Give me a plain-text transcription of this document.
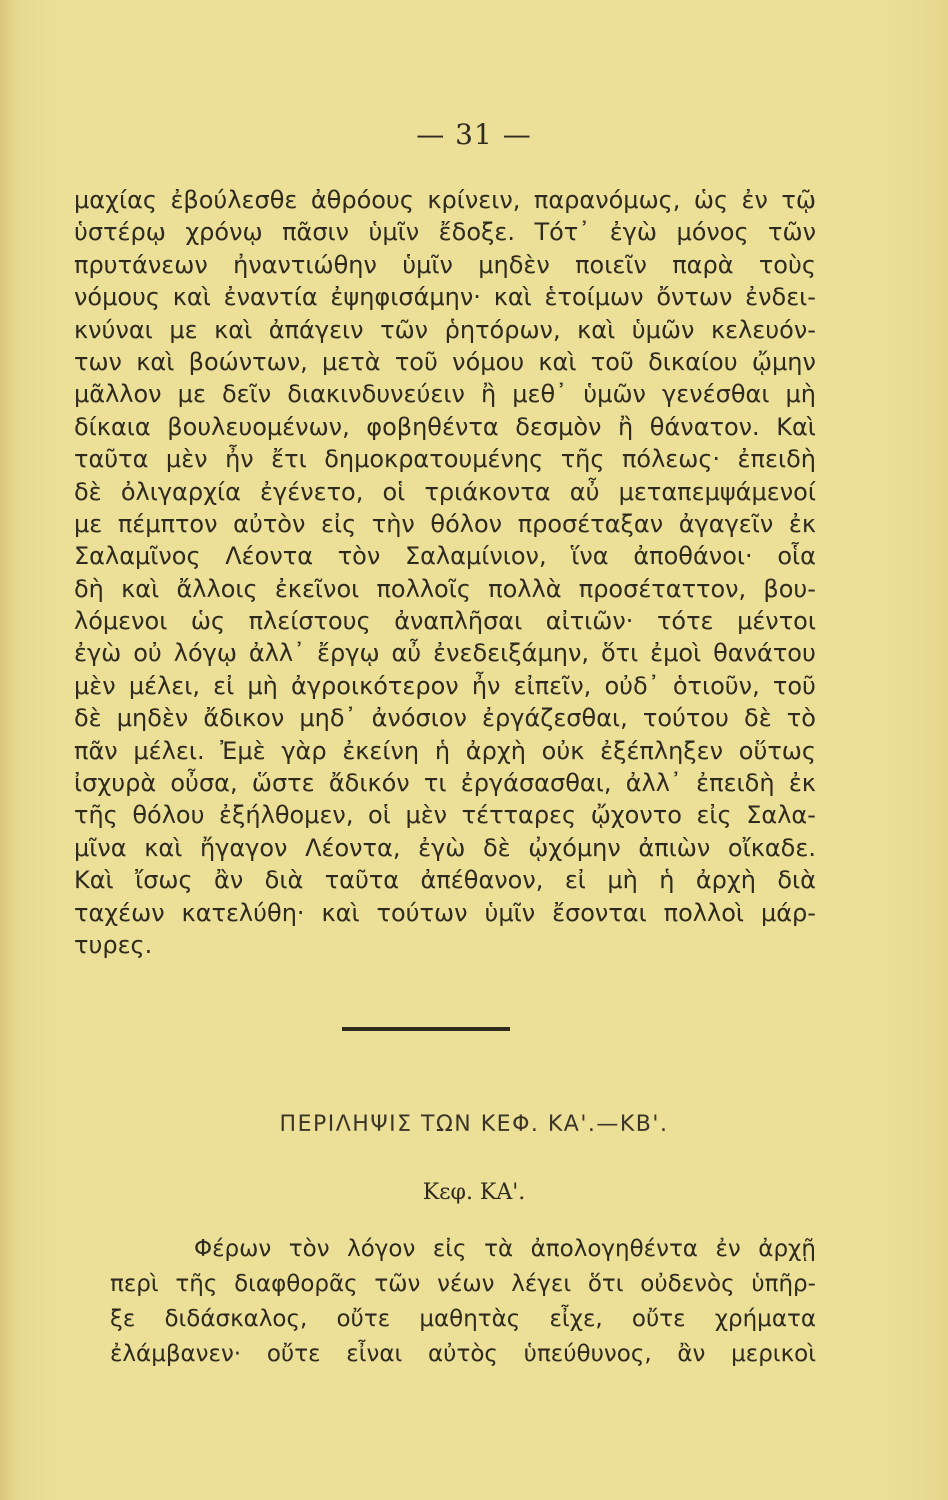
— 31 —
μαχίας ἐβούλεσθε ἀθρόους κρίνειν, παρανόμως, ὡς ἐν τῷ
ὑστέρῳ χρόνῳ πᾶσιν ὑμῖν ἔδοξε. Τότ᾽ ἐγὼ μόνος τῶν
πρυτάνεων ἠναντιώθην ὑμῖν μηδὲν ποιεῖν παρὰ τοὺς
νόμους καὶ ἐναντία ἐψηφισάμην· καὶ ἑτοίμων ὄντων ἐνδει-
κνύναι με καὶ ἀπάγειν τῶν ῥητόρων, καὶ ὑμῶν κελευόν-
των καὶ βοώντων, μετὰ τοῦ νόμου καὶ τοῦ δικαίου ᾤμην
μᾶλλον με δεῖν διακινδυνεύειν ἢ μεθ᾽ ὑμῶν γενέσθαι μὴ
δίκαια βουλευομένων, φοβηθέντα δεσμὸν ἢ θάνατον. Καὶ
ταῦτα μὲν ἦν ἔτι δημοκρατουμένης τῆς πόλεως· ἐπειδὴ
δὲ ὀλιγαρχία ἐγένετο, οἱ τριάκοντα αὖ μεταπεμψάμενοί
με πέμπτον αὐτὸν εἰς τὴν θόλον προσέταξαν ἀγαγεῖν ἐκ
Σαλαμῖνος Λέοντα τὸν Σαλαμίνιον, ἵνα ἀποθάνοι· οἷα
δὴ καὶ ἄλλοις ἐκεῖνοι πολλοῖς πολλὰ προσέταττον, βου-
λόμενοι ὡς πλείστους ἀναπλῆσαι αἰτιῶν· τότε μέντοι
ἐγὼ οὐ λόγῳ ἀλλ᾽ ἔργῳ αὖ ἐνεδειξάμην, ὅτι ἐμοὶ θανάτου
μὲν μέλει, εἰ μὴ ἀγροικότερον ἦν εἰπεῖν, οὐδ᾽ ὁτιοῦν, τοῦ
δὲ μηδὲν ἄδικον μηδ᾽ ἀνόσιον ἐργάζεσθαι, τούτου δὲ τὸ
πᾶν μέλει. Ἐμὲ γὰρ ἐκείνη ἡ ἀρχὴ οὐκ ἐξέπληξεν οὕτως
ἰσχυρὰ οὖσα, ὥστε ἄδικόν τι ἐργάσασθαι, ἀλλ᾽ ἐπειδὴ ἐκ
τῆς θόλου ἐξήλθομεν, οἱ μὲν τέτταρες ᾤχοντο εἰς Σαλα-
μῖνα καὶ ἤγαγον Λέοντα, ἐγὼ δὲ ᾠχόμην ἀπιὼν οἴκαδε.
Καὶ ἴσως ἂν διὰ ταῦτα ἀπέθανον, εἰ μὴ ἡ ἀρχὴ διὰ
ταχέων κατελύθη· καὶ τούτων ὑμῖν ἔσονται πολλοὶ μάρ-
τυρες.
ΠΕΡΙΛΗΨΙΣ ΤΩΝ ΚΕΦ. ΚΑ'.—ΚΒ'.
Κεφ. ΚΑ'.
Φέρων τὸν λόγον εἰς τὰ ἀπολογηθέντα ἐν ἀρχῇ
περὶ τῆς διαφθορᾶς τῶν νέων λέγει ὅτι οὐδενὸς ὑπῆρ-
ξε διδάσκαλος, οὔτε μαθητὰς εἶχε, οὔτε χρήματα
ἐλάμβανεν· οὔτε εἶναι αὐτὸς ὑπεύθυνος, ἂν μερικοὶ
